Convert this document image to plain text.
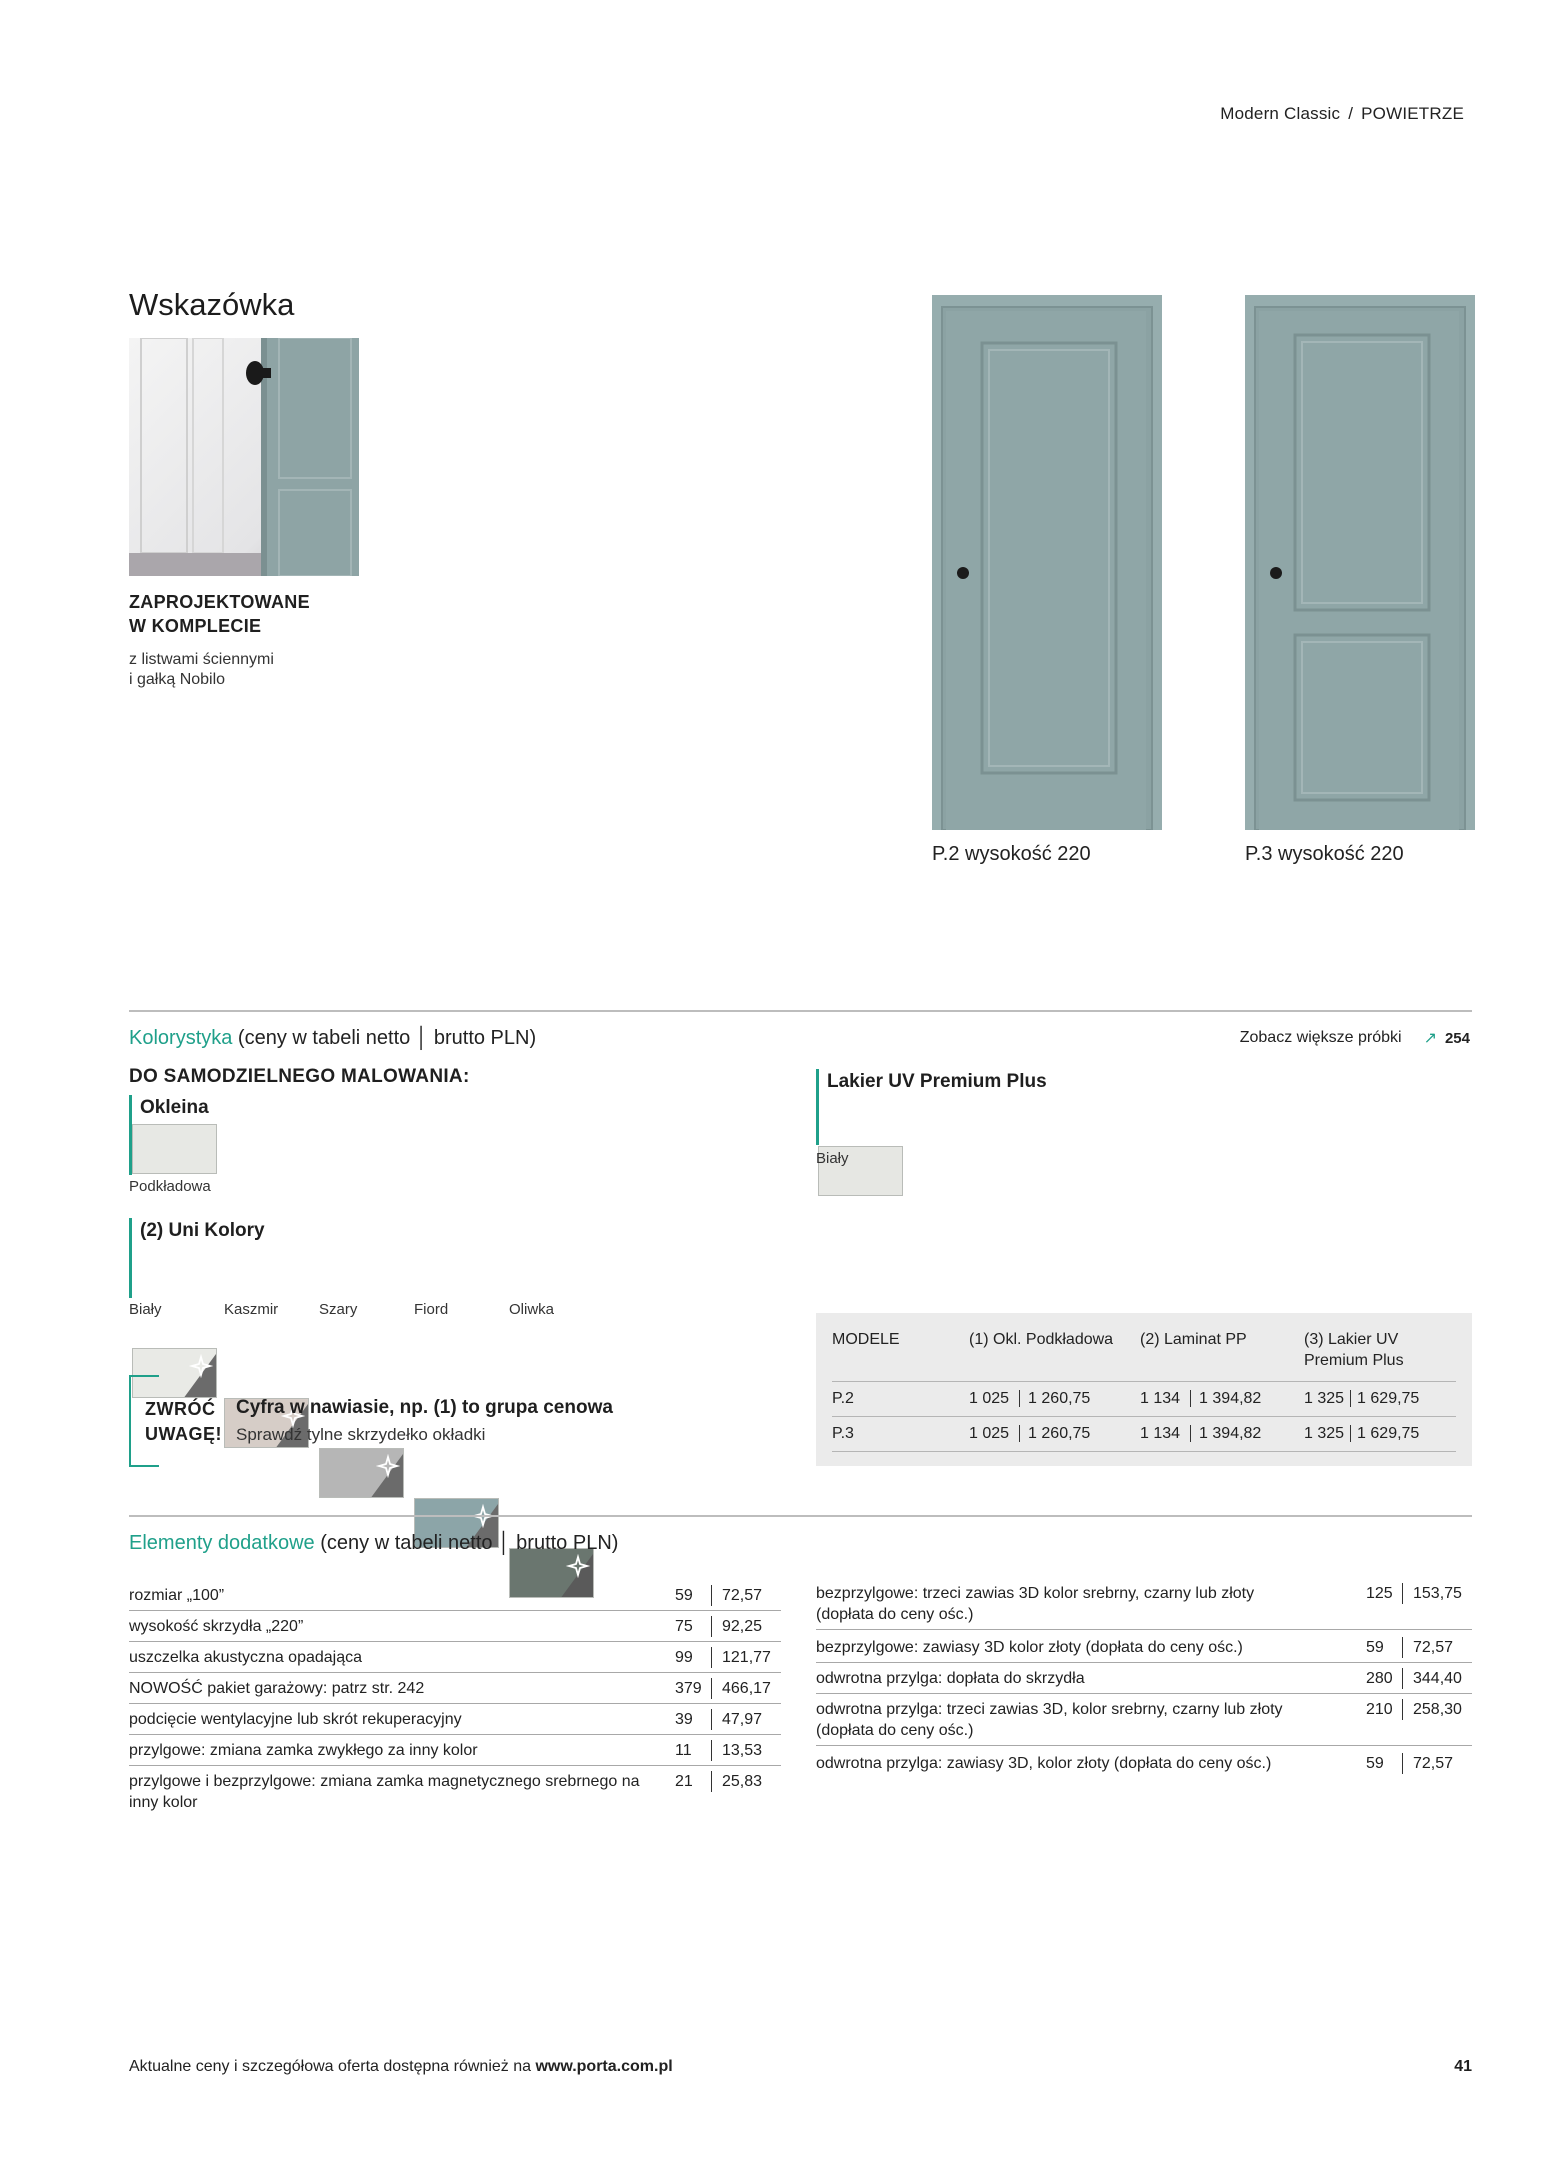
Modern Classic / POWIETRZE
Wskazówka
ZAPROJEKTOWANE
W KOMPLECIE
z listwami ściennymi
i gałką Nobilo
P.2 wysokość 220	P.3 wysokość 220
Kolorystyka (ceny w tabeli netto │ brutto PLN)	Zobacz większe próbki ↗ 254
DO SAMODZIELNEGO MALOWANIA:
Okleina
Podkładowa
Lakier UV Premium Plus
Biały
(2) Uni Kolory
Biały	Kaszmir	Szary	Fiord	Oliwka
ZWRÓĆ
UWAGĘ!
Cyfra w nawiasie, np. (1) to grupa cenowa
Sprawdź tylne skrzydełko okładki
MODELE	(1) Okl. Podkładowa	(2) Laminat PP	(3) Lakier UV
Premium Plus

P.2	1 025 1 260,75	1 134 1 394,82	1 325 1 629,75
P.3	1 025 1 260,75	1 134 1 394,82	1 325 1 629,75
Elementy dodatkowe (ceny w tabeli netto │ brutto PLN)
rozmiar „100”	59	72,57
wysokość skrzydła „220”	75	92,25
uszczelka akustyczna opadająca	99	121,77
NOWOŚĆ pakiet garażowy: patrz str. 242	379	466,17
podcięcie wentylacyjne lub skrót rekuperacyjny	39	47,97
przylgowe: zmiana zamka zwykłego za inny kolor	11	13,53
przylgowe i bezprzylgowe: zmiana zamka magnetycznego srebrnego na inny kolor
21	25,83
bezprzylgowe: trzeci zawias 3D kolor srebrny, czarny lub złoty (dopłata do ceny ośc.)
125	153,75
bezprzylgowe: zawiasy 3D kolor złoty (dopłata do ceny ośc.)	59	72,57
odwrotna przylga: dopłata do skrzydła	280	344,40
odwrotna przylga: trzeci zawias 3D, kolor srebrny, czarny lub złoty (dopłata do ceny ośc.)
210	258,30
odwrotna przylga: zawiasy 3D, kolor złoty (dopłata do ceny ośc.)	59	72,57
Aktualne ceny i szczegółowa oferta dostępna również na www.porta.com.pl	41
